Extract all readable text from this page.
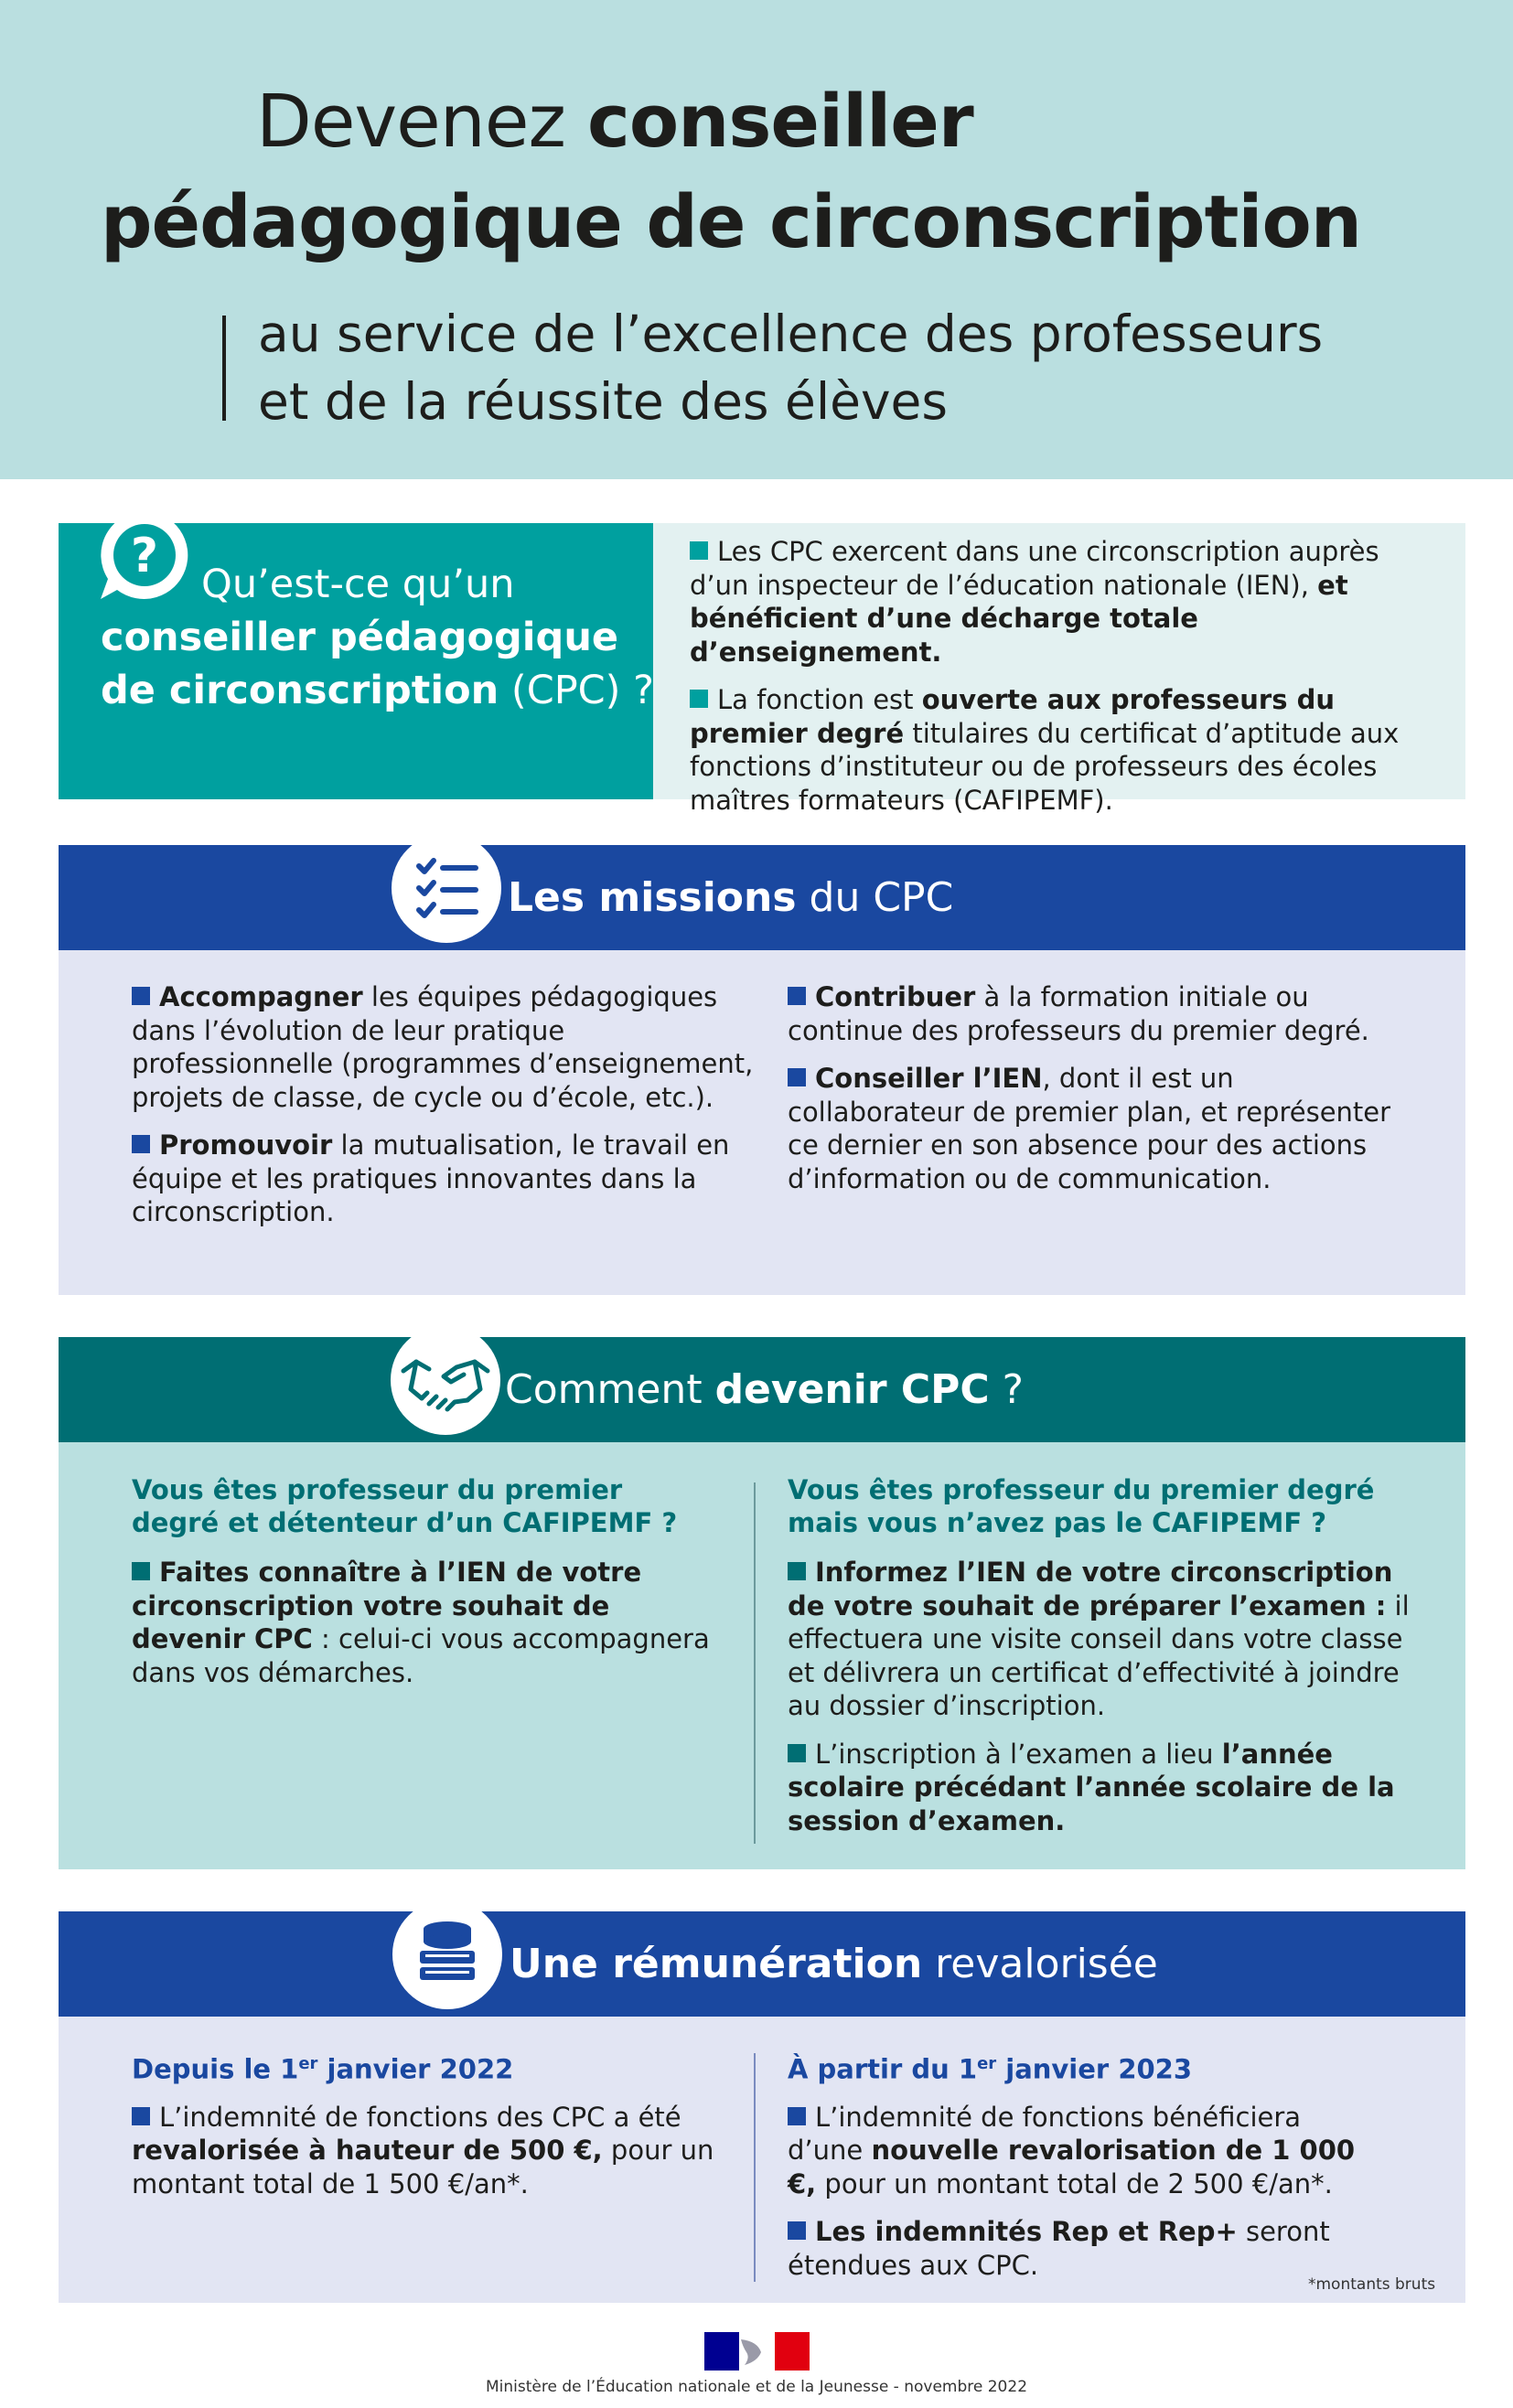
Devenez conseiller
pédagogique de circonscription
au service de l’excellence des professeurs
et de la réussite des élèves
?
Qu’est-ce qu’un
conseiller pédagogique
de circonscription (CPC) ?

Les CPC exercent dans une circonscription auprès d’un inspecteur de l’éducation nationale (IEN), et bénéficient d’une décharge totale d’enseignement.

La fonction est ouverte aux professeurs du premier degré titulaires du certificat d’aptitude aux fonctions d’instituteur ou de professeurs des écoles maîtres formateurs (CAFIPEMF).

Les missions du CPC

Accompagner les équipes pédagogiques dans l’évolution de leur pratique professionnelle (programmes d’enseignement, projets de classe, de cycle ou d’école, etc.).

Promouvoir la mutualisation, le travail en équipe et les pratiques innovantes dans la circonscription.

Contribuer à la formation initiale ou continue des professeurs du premier degré.

Conseiller l’IEN, dont il est un collaborateur de premier plan, et représenter ce dernier en son absence pour des actions d’information ou de communication.

Comment devenir CPC ?
Vous êtes professeur du premier degré et détenteur d’un CAFIPEMF ?

Faites connaître à l’IEN de votre circonscription votre souhait de devenir CPC : celui-ci vous accompagnera dans vos démarches.

Vous êtes professeur du premier degré mais vous n’avez pas le CAFIPEMF ?

Informez l’IEN de votre circonscription de votre souhait de préparer l’examen : il effectuera une visite conseil dans votre classe et délivrera un certificat d’effectivité à joindre au dossier d’inscription.

L’inscription à l’examen a lieu l’année scolaire précédant l’année scolaire de la session d’examen.

Une rémunération revalorisée
Depuis le 1er janvier 2022

L’indemnité de fonctions des CPC a été revalorisée à hauteur de 500 €, pour un montant total de 1 500 €/an*.

À partir du 1er janvier 2023

L’indemnité de fonctions bénéficiera d’une nouvelle revalorisation de 1 000 €, pour un montant total de 2 500 €/an*.

Les indemnités Rep et Rep+ seront étendues aux CPC.

*montants bruts
Ministère de l’Éducation nationale et de la Jeunesse - novembre 2022
